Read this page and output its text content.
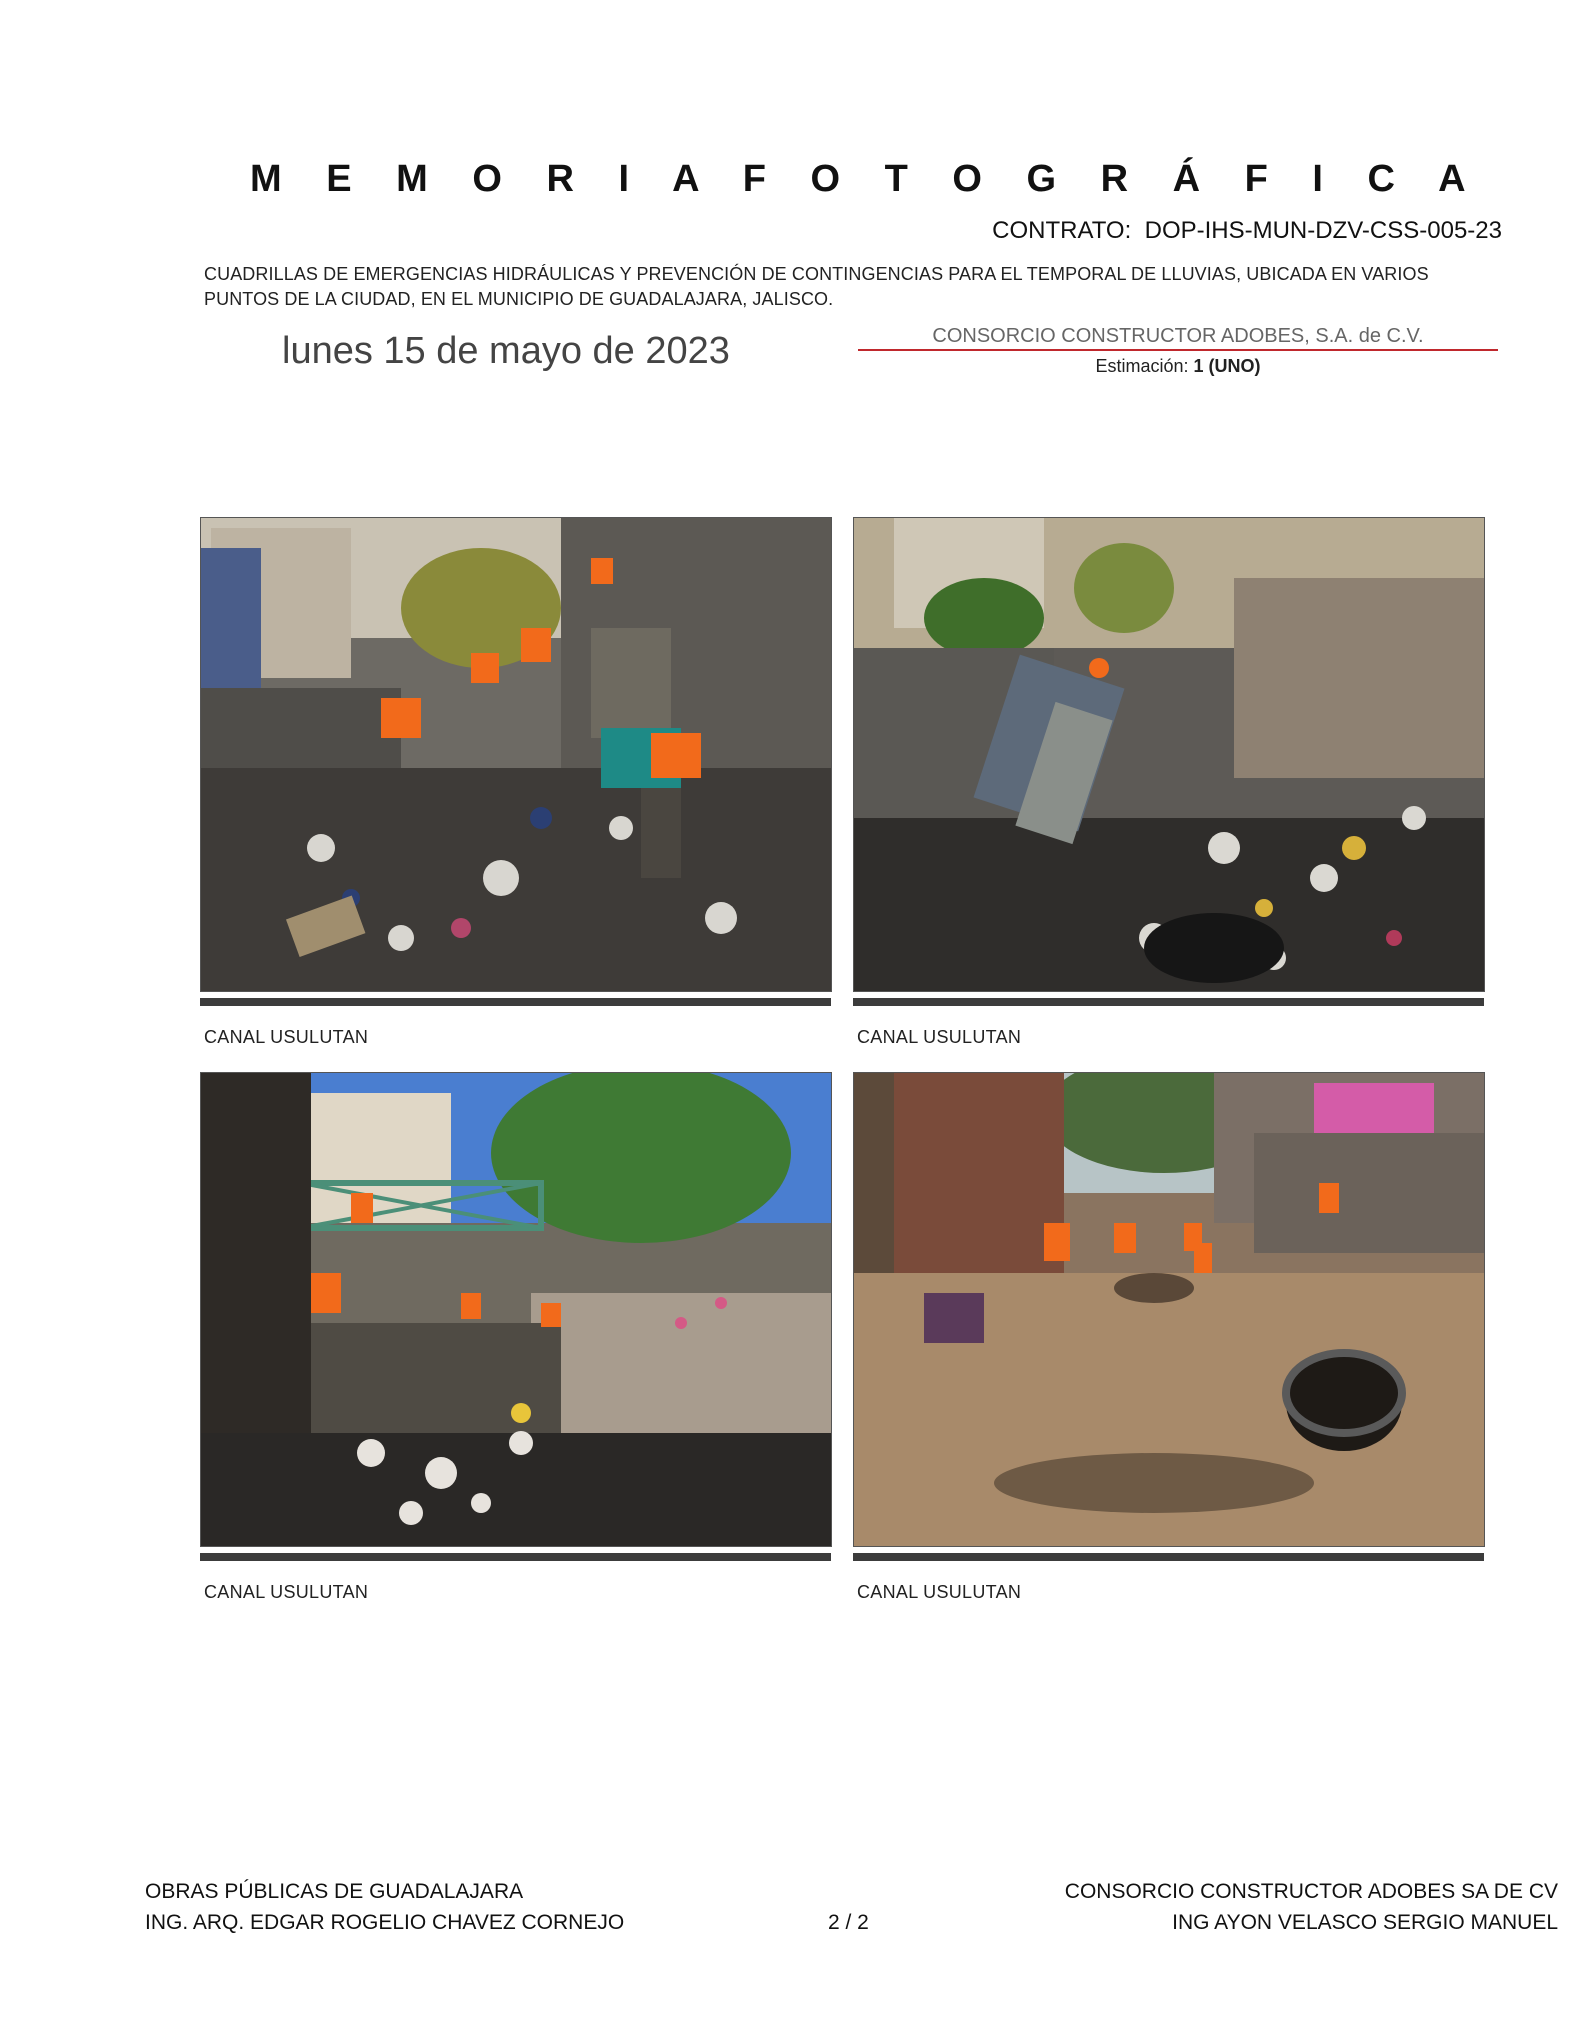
M E M O R I A F O T O G R Á F I C A
CONTRATO: DOP-IHS-MUN-DZV-CSS-005-23
CUADRILLAS DE EMERGENCIAS HIDRÁULICAS Y PREVENCIÓN DE CONTINGENCIAS PARA EL TEMPORAL DE LLUVIAS, UBICADA EN VARIOS PUNTOS DE LA CIUDAD, EN EL MUNICIPIO DE GUADALAJARA, JALISCO.
lunes 15 de mayo de 2023	CONSORCIO CONSTRUCTOR ADOBES, S.A. de C.V.
Estimación: 1 (UNO)
CANAL USULUTAN	CANAL USULUTAN
CANAL USULUTAN	CANAL USULUTAN
OBRAS PÚBLICAS DE GUADALAJARA
ING. ARQ. EDGAR ROGELIO CHAVEZ CORNEJO	2 / 2
CONSORCIO CONSTRUCTOR ADOBES SA DE CV
ING AYON VELASCO SERGIO MANUEL
